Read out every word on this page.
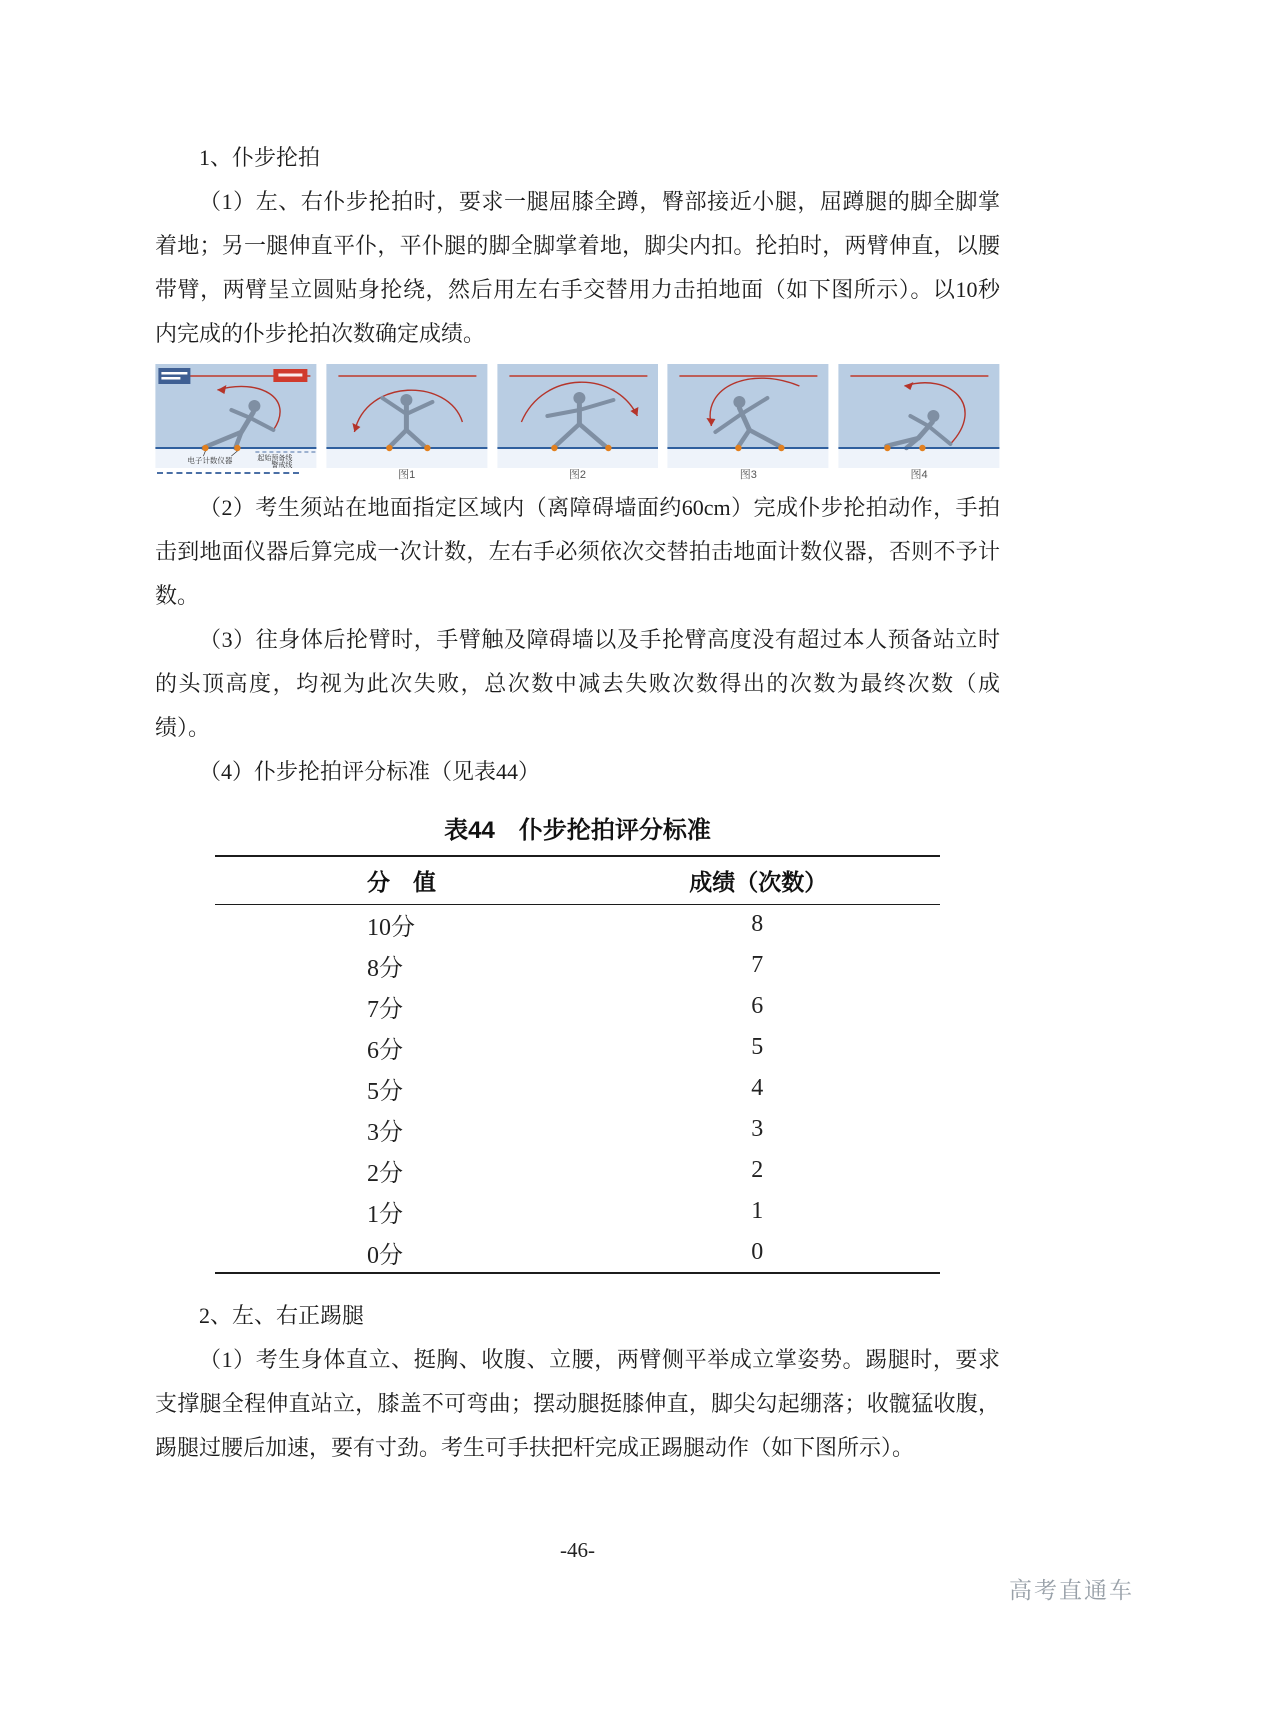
1、仆步抡拍
（1）左、右仆步抡拍时，要求一腿屈膝全蹲，臀部接近小腿，屈蹲腿的脚全脚掌着地；另一腿伸直平仆，平仆腿的脚全脚掌着地，脚尖内扣。抡拍时，两臂伸直，以腰带臂，两臂呈立圆贴身抡绕，然后用左右手交替用力击拍地面（如下图所示）。以10秒内完成的仆步抡拍次数确定成绩。
电子计数仪器	起始预备线
警戒线
图1	图2	图3	图4
（2）考生须站在地面指定区域内（离障碍墙面约60cm）完成仆步抡拍动作，手拍击到地面仪器后算完成一次计数，左右手必须依次交替拍击地面计数仪器，否则不予计数。
（3）往身体后抡臂时，手臂触及障碍墙以及手抡臂高度没有超过本人预备站立时的头顶高度，均视为此次失败，总次数中减去失败次数得出的次数为最终次数（成绩）。
（4）仆步抡拍评分标准（见表44）
表44　仆步抡拍评分标准
分　值	成绩（次数）
10分	8
8分	7
7分	6
6分	5
5分	4
3分	3
2分	2
1分	1
0分	0
2、左、右正踢腿
（1）考生身体直立、挺胸、收腹、立腰，两臂侧平举成立掌姿势。踢腿时，要求支撑腿全程伸直站立，膝盖不可弯曲；摆动腿挺膝伸直，脚尖勾起绷落；收髋猛收腹，踢腿过腰后加速，要有寸劲。考生可手扶把杆完成正踢腿动作（如下图所示）。
-46-
高考直通车
